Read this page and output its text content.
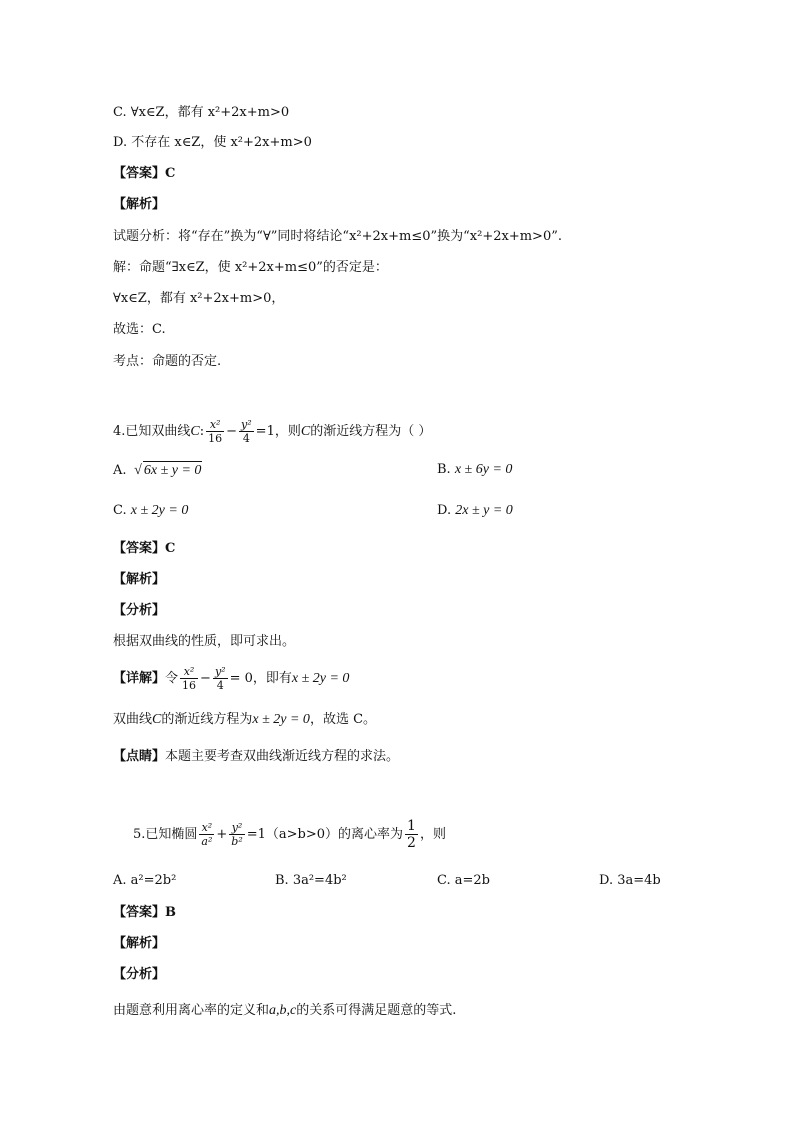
C. ∀x∈Z，都有 x²+2x+m>0
D. 不存在 x∈Z，使 x²+2x+m>0
【答案】C
【解析】
试题分析：将“存在”换为“∀”同时将结论“x²+2x+m≤0”换为“x²+2x+m>0”.
解：命题“∃x∈Z，使 x²+2x+m≤0”的否定是：
∀x∈Z，都有 x²+2x+m>0，
故选：C.
考点：命题的否定.
4.已知双曲线C: $\frac{\text{x²}}{16} - \frac{\text{y²}}{4} =1$，则C的渐近线方程为（ ）
A.  √ 6x ± y = 0	B. x ± 6y = 0
C. x ± 2y = 0	D. 2x ± y = 0
【答案】C
【解析】
【分析】
根据双曲线的性质，即可求出。
【详解】令 $\frac{\text{x²}}{16} - \frac{\text{y²}}{4} = 0$，即有x ± 2y = 0
双曲线C的渐近线方程为x ± 2y = 0，故选 C。
【点睛】本题主要考查双曲线渐近线方程的求法。
5.已知椭圆 $\frac{\text{x²}}{\text{a²}} + \frac{\text{y²}}{\text{b²}} =1(a>b>0)$的离心率为 $\frac{1}{2}$ ，则
A. a²=2b²	B. 3a²=4b²	C. a=2b	D. 3a=4b
【答案】B
【解析】
【分析】
由题意利用离心率的定义和a,b,c的关系可得满足题意的等式.
